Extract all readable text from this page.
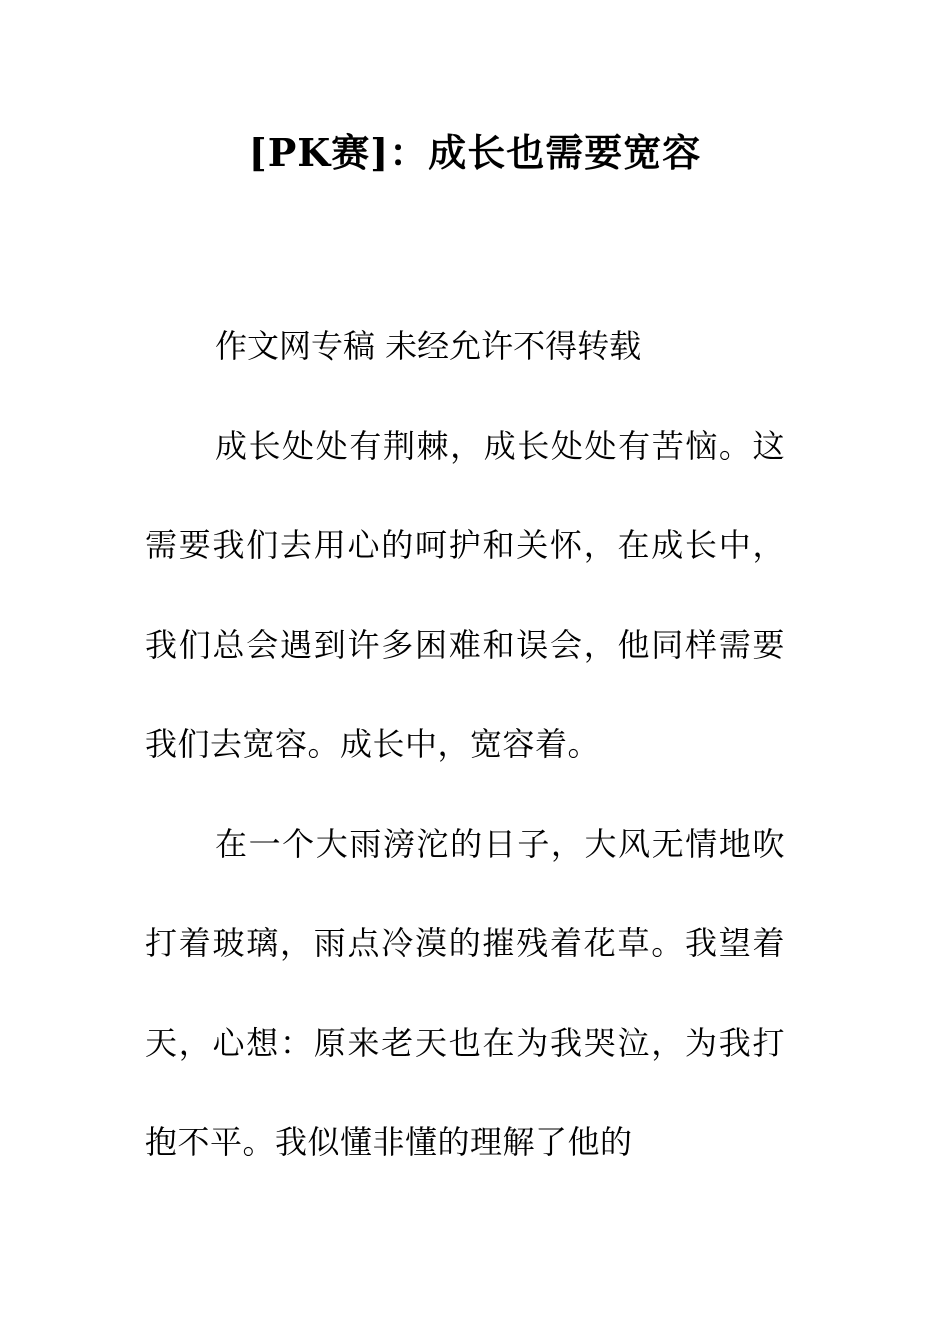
[PK赛]：成长也需要宽容

作文网专稿 未经允许不得转载

成长处处有荆棘，成长处处有苦恼。这需要我们去用心的呵护和关怀，在成长中，我们总会遇到许多困难和误会，他同样需要我们去宽容。成长中，宽容着。

在一个大雨滂沱的日子，大风无情地吹打着玻璃，雨点冷漠的摧残着花草。我望着天，心想：原来老天也在为我哭泣，为我打抱不平。我似懂非懂的理解了他的
